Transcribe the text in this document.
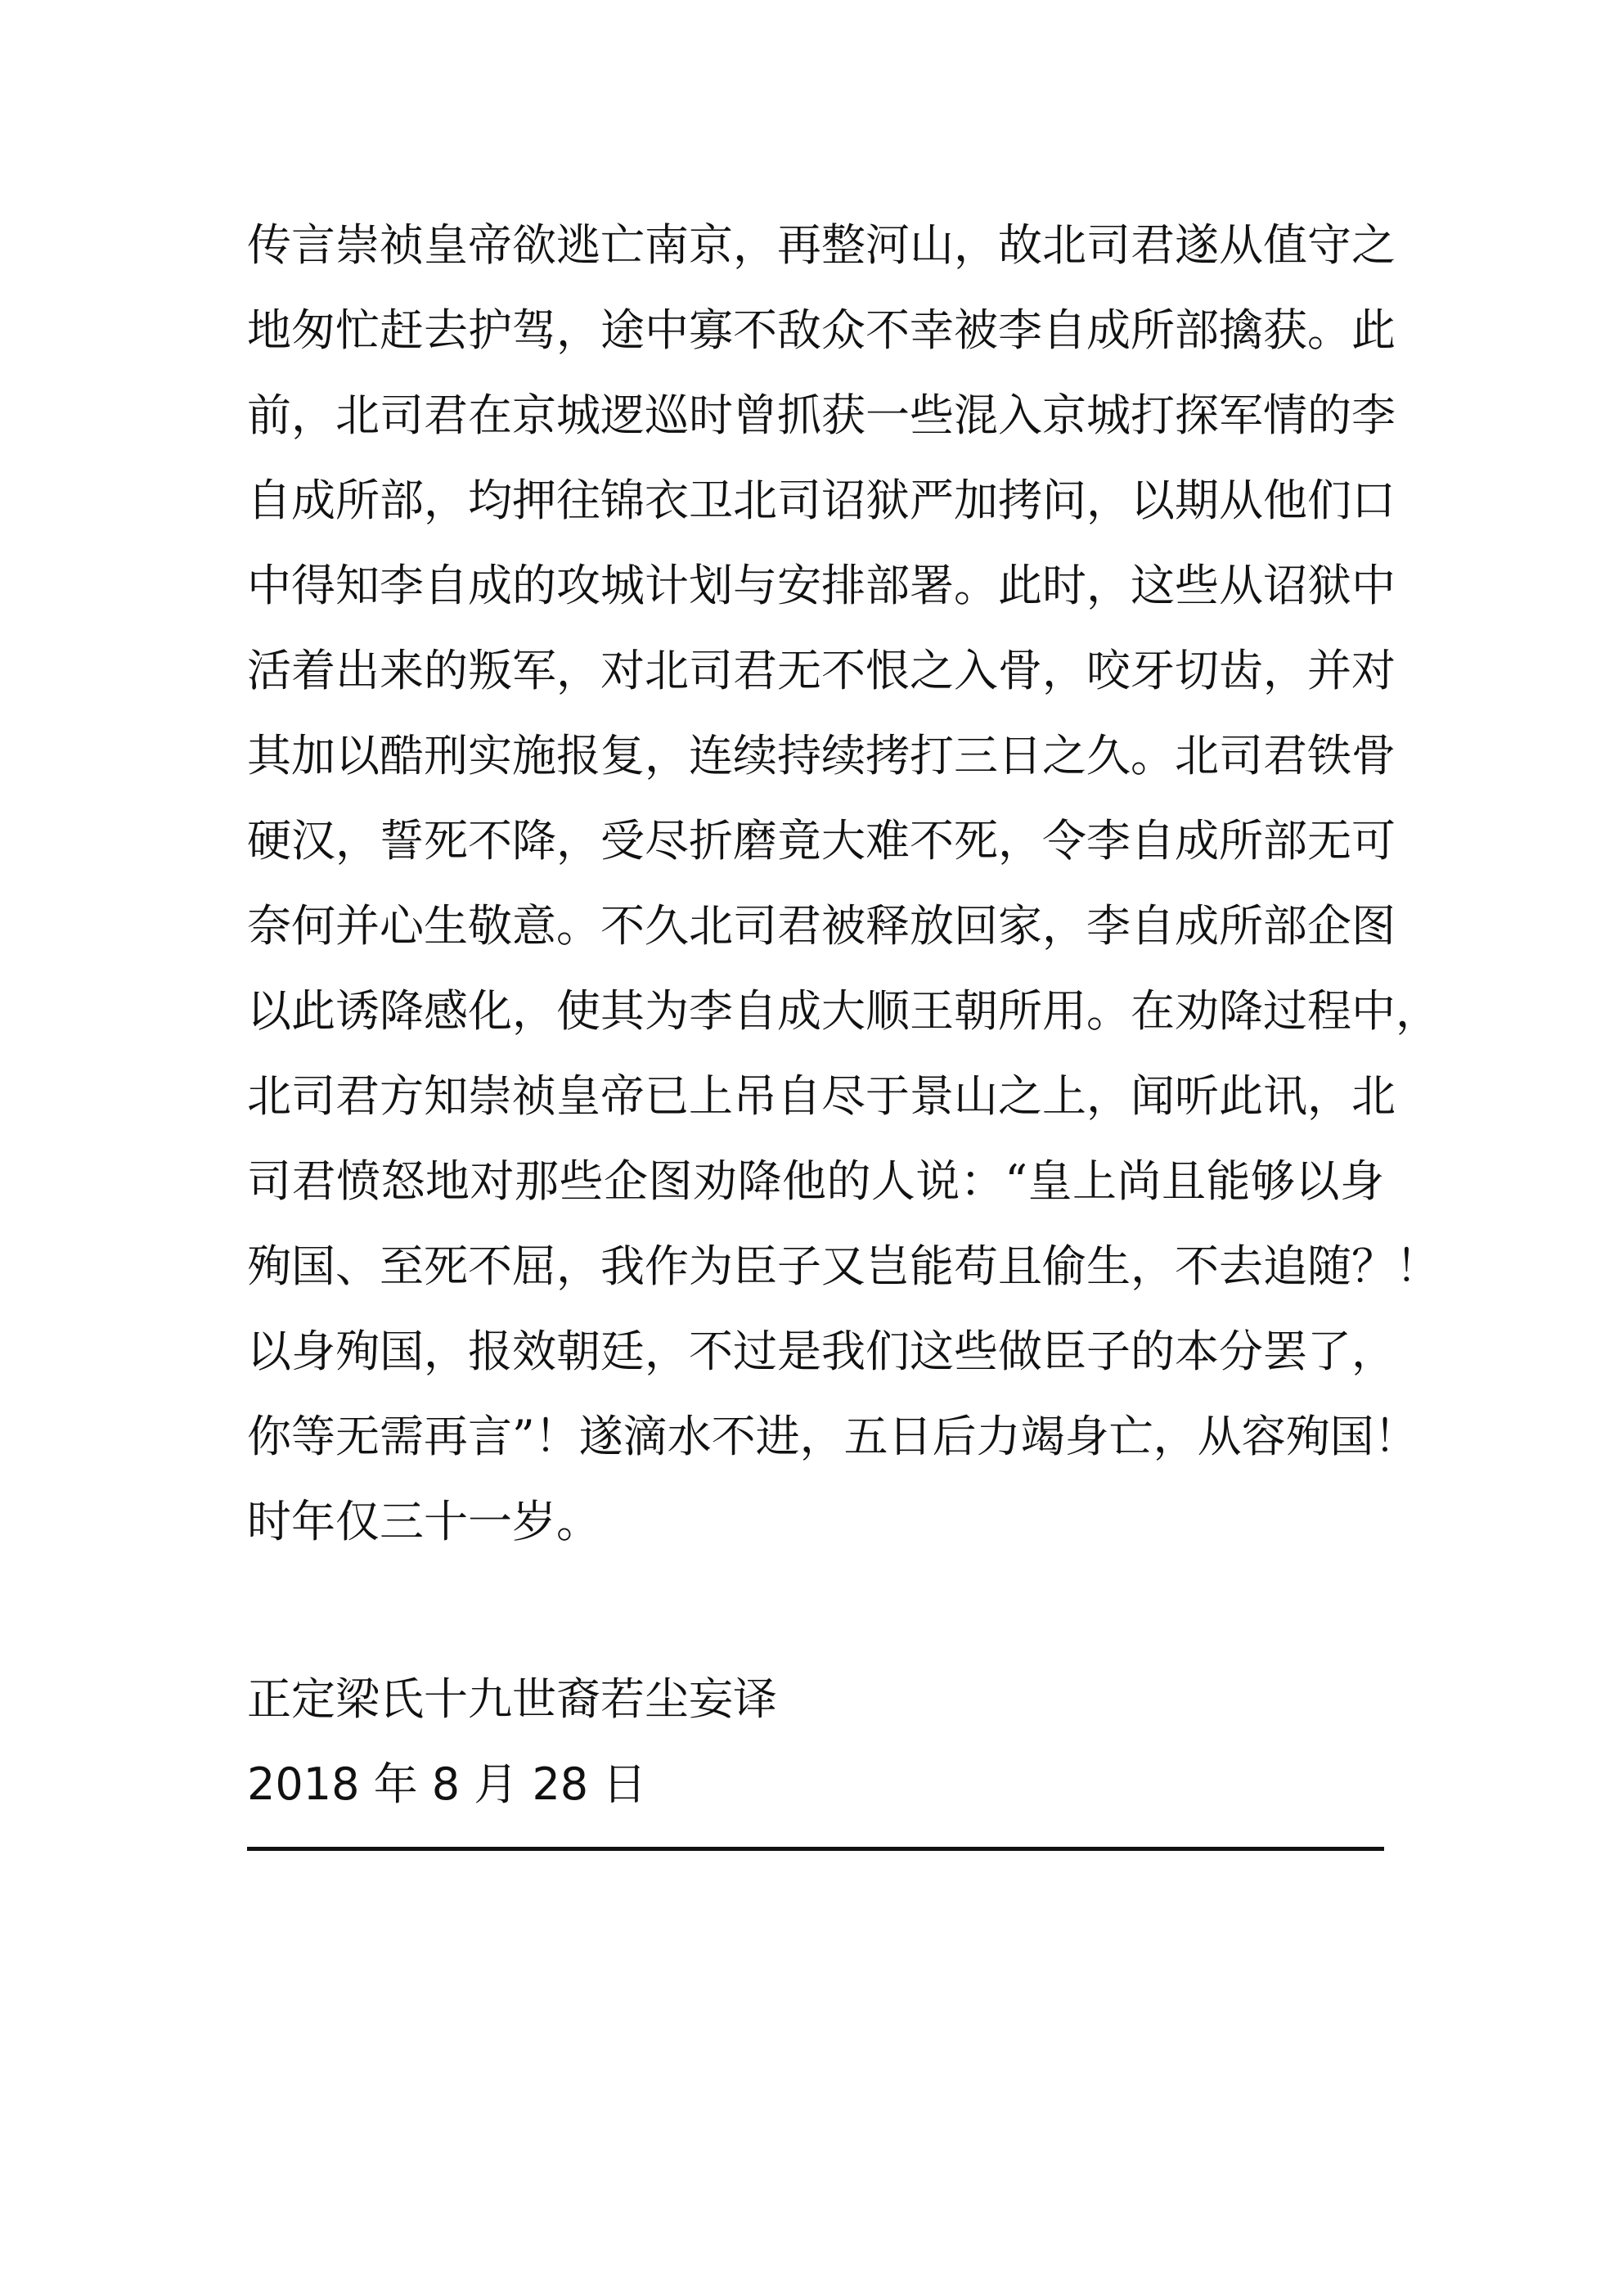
传言崇祯皇帝欲逃亡南京，再整河山，故北司君遂从值守之
地匆忙赶去护驾，途中寡不敌众不幸被李自成所部擒获。此
前，北司君在京城逻巡时曾抓获一些混入京城打探军情的李
自成所部，均押往锦衣卫北司诏狱严加拷问，以期从他们口
中得知李自成的攻城计划与安排部署。此时，这些从诏狱中
活着出来的叛军，对北司君无不恨之入骨，咬牙切齿，并对
其加以酷刑实施报复，连续持续拷打三日之久。北司君铁骨
硬汉，誓死不降，受尽折磨竟大难不死，令李自成所部无可
奈何并心生敬意。不久北司君被释放回家，李自成所部企图
以此诱降感化，使其为李自成大顺王朝所用。在劝降过程中，
北司君方知崇祯皇帝已上吊自尽于景山之上，闻听此讯，北
司君愤怒地对那些企图劝降他的人说：“皇上尚且能够以身
殉国、至死不屈，我作为臣子又岂能苟且偷生，不去追随？！
以身殉国，报效朝廷，不过是我们这些做臣子的本分罢了，
你等无需再言”！遂滴水不进，五日后力竭身亡，从容殉国！
时年仅三十一岁。
正定梁氏十九世裔若尘妄译
2018 年 8 月 28 日
